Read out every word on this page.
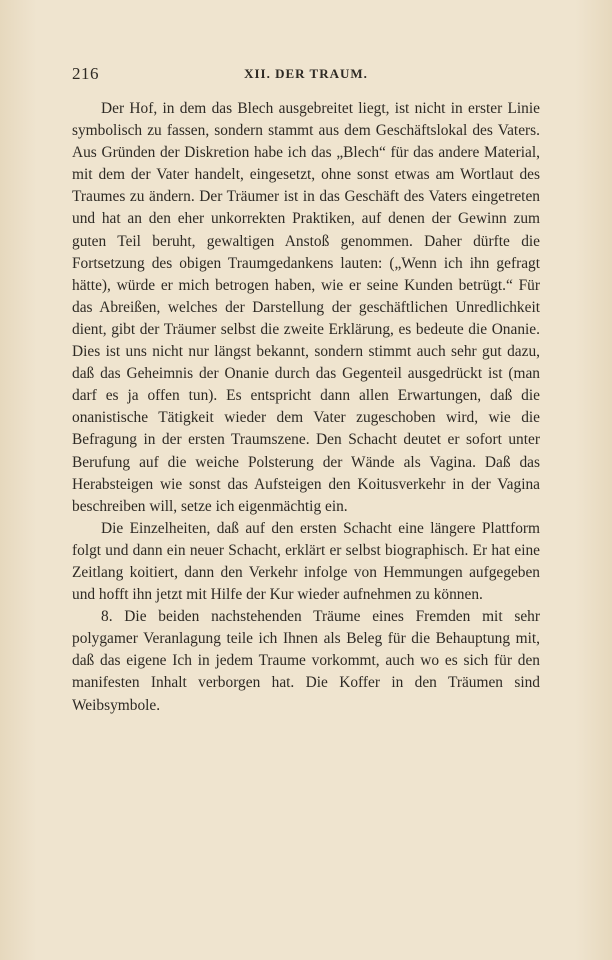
216	XII. DER TRAUM.

Der Hof, in dem das Blech ausgebreitet liegt, ist nicht in erster Linie symbolisch zu fassen, sondern stammt aus dem Geschäftslokal des Vaters. Aus Gründen der Diskretion habe ich das „Blech“ für das andere Material, mit dem der Vater handelt, eingesetzt, ohne sonst etwas am Wortlaut des Traumes zu ändern. Der Träumer ist in das Geschäft des Vaters eingetreten und hat an den eher unkorrekten Praktiken, auf denen der Gewinn zum guten Teil beruht, gewaltigen Anstoß genommen. Daher dürfte die Fortsetzung des obigen Traumgedankens lauten: („Wenn ich ihn gefragt hätte), würde er mich betrogen haben, wie er seine Kunden betrügt.“ Für das Abreißen, welches der Darstellung der geschäftlichen Unredlichkeit dient, gibt der Träumer selbst die zweite Erklärung, es bedeute die Onanie. Dies ist uns nicht nur längst bekannt, sondern stimmt auch sehr gut dazu, daß das Geheimnis der Onanie durch das Gegenteil ausgedrückt ist (man darf es ja offen tun). Es entspricht dann allen Erwartungen, daß die onanistische Tätigkeit wieder dem Vater zugeschoben wird, wie die Befragung in der ersten Traumszene. Den Schacht deutet er sofort unter Berufung auf die weiche Polsterung der Wände als Vagina. Daß das Herabsteigen wie sonst das Aufsteigen den Koitusverkehr in der Vagina beschreiben will, setze ich eigenmächtig ein.

Die Einzelheiten, daß auf den ersten Schacht eine längere Plattform folgt und dann ein neuer Schacht, erklärt er selbst biographisch. Er hat eine Zeitlang koitiert, dann den Verkehr infolge von Hemmungen aufgegeben und hofft ihn jetzt mit Hilfe der Kur wieder aufnehmen zu können.

8. Die beiden nachstehenden Träume eines Fremden mit sehr polygamer Veranlagung teile ich Ihnen als Beleg für die Behauptung mit, daß das eigene Ich in jedem Traume vorkommt, auch wo es sich für den manifesten Inhalt verborgen hat. Die Koffer in den Träumen sind Weibsymbole.
